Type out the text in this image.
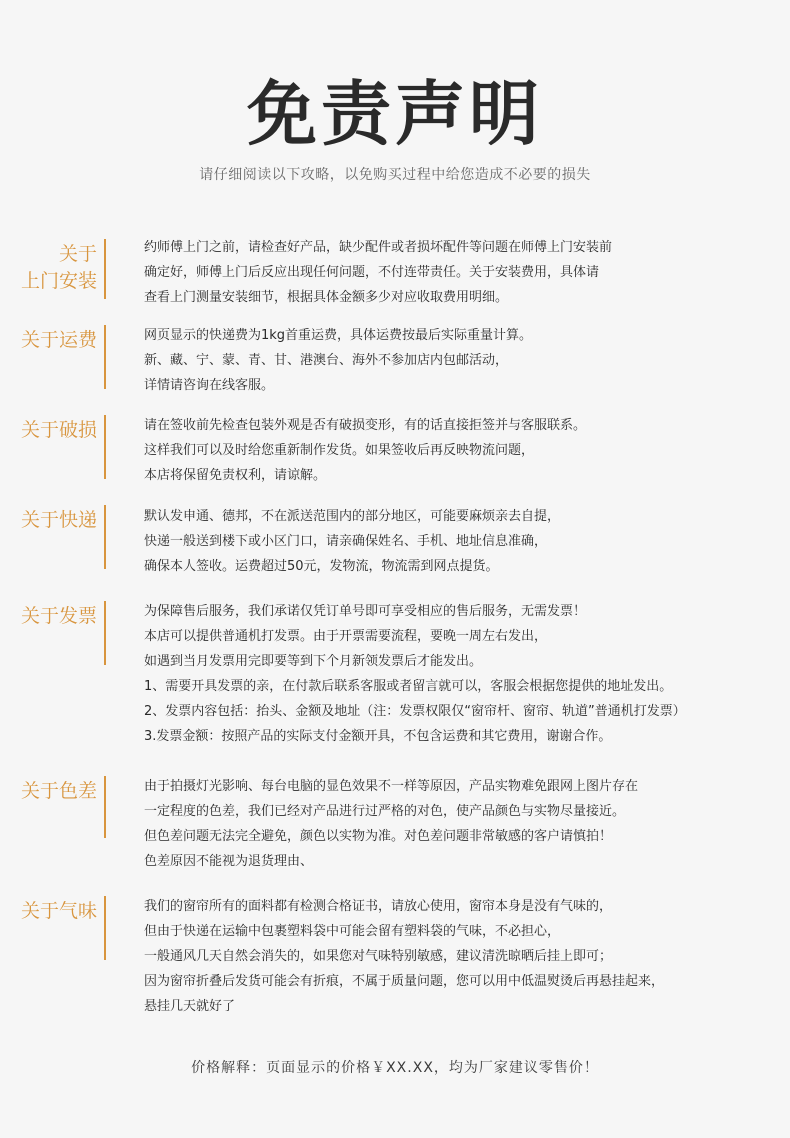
免责声明
请仔细阅读以下攻略，以免购买过程中给您造成不必要的损失
关于
上门安装
约师傅上门之前，请检查好产品，缺少配件或者损坏配件等问题在师傅上门安装前
确定好，师傅上门后反应出现任何问题，不付连带责任。关于安装费用，具体请
查看上门测量安装细节，根据具体金额多少对应收取费用明细。
关于运费	网页显示的快递费为1kg首重运费，具体运费按最后实际重量计算。
新、藏、宁、蒙、青、甘、港澳台、海外不参加店内包邮活动，
详情请咨询在线客服。
关于破损	请在签收前先检查包装外观是否有破损变形，有的话直接拒签并与客服联系。
这样我们可以及时给您重新制作发货。如果签收后再反映物流问题，
本店将保留免责权利，请谅解。
关于快递	默认发申通、德邦，不在派送范围内的部分地区，可能要麻烦亲去自提，
快递一般送到楼下或小区门口，请亲确保姓名、手机、地址信息准确，
确保本人签收。运费超过50元，发物流，物流需到网点提货。
关于发票	为保障售后服务，我们承诺仅凭订单号即可享受相应的售后服务，无需发票！
本店可以提供普通机打发票。由于开票需要流程，要晚一周左右发出，
如遇到当月发票用完即要等到下个月新领发票后才能发出。
1、需要开具发票的亲，在付款后联系客服或者留言就可以，客服会根据您提供的地址发出。
2、发票内容包括：抬头、金额及地址（注：发票权限仅“窗帘杆、窗帘、轨道”普通机打发票）
3.发票金额：按照产品的实际支付金额开具，不包含运费和其它费用，谢谢合作。
关于色差	由于拍摄灯光影响、每台电脑的显色效果不一样等原因，产品实物难免跟网上图片存在
一定程度的色差，我们已经对产品进行过严格的对色，使产品颜色与实物尽量接近。
但色差问题无法完全避免，颜色以实物为准。对色差问题非常敏感的客户请慎拍！
色差原因不能视为退货理由、
关于气味	我们的窗帘所有的面料都有检测合格证书，请放心使用，窗帘本身是没有气味的，
但由于快递在运输中包裹塑料袋中可能会留有塑料袋的气味，不必担心，
一般通风几天自然会消失的，如果您对气味特别敏感，建议清洗晾晒后挂上即可；
因为窗帘折叠后发货可能会有折痕，不属于质量问题，您可以用中低温熨烫后再悬挂起来，
悬挂几天就好了
价格解释：页面显示的价格￥XX.XX，均为厂家建议零售价！
